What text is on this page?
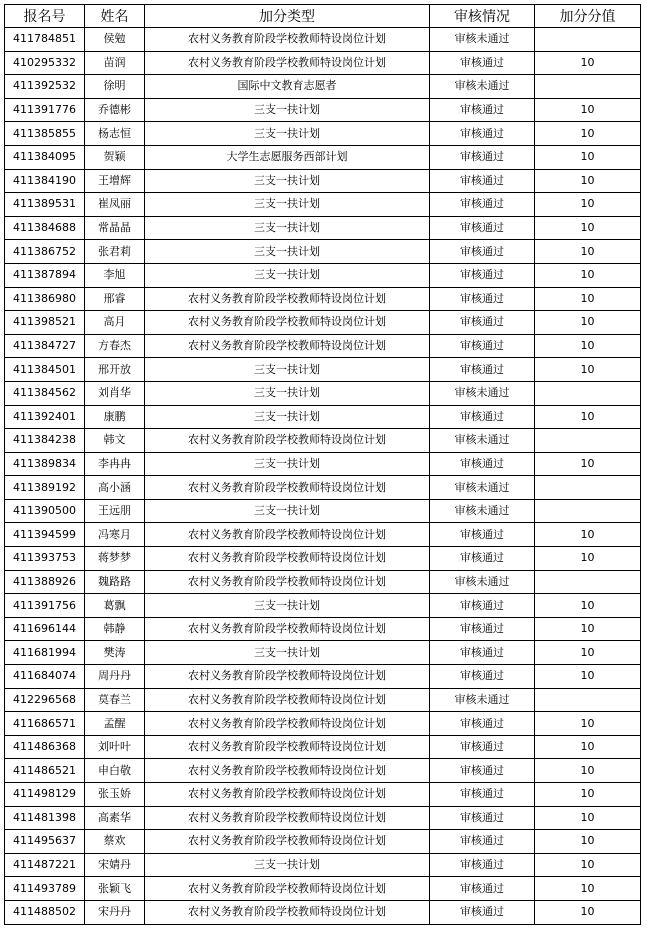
报名号	姓名	加分类型	审核情况	加分分值
411784851	侯勉	农村义务教育阶段学校教师特设岗位计划	审核未通过	
410295332	苗润	农村义务教育阶段学校教师特设岗位计划	审核通过	10
411392532	徐明	国际中文教育志愿者	审核未通过	
411391776	乔德彬	三支一扶计划	审核通过	10
411385855	杨志恒	三支一扶计划	审核通过	10
411384095	贺颖	大学生志愿服务西部计划	审核通过	10
411384190	王增辉	三支一扶计划	审核通过	10
411389531	崔凤丽	三支一扶计划	审核通过	10
411384688	常晶晶	三支一扶计划	审核通过	10
411386752	张君莉	三支一扶计划	审核通过	10
411387894	李旭	三支一扶计划	审核通过	10
411386980	邢睿	农村义务教育阶段学校教师特设岗位计划	审核通过	10
411398521	高月	农村义务教育阶段学校教师特设岗位计划	审核通过	10
411384727	方春杰	农村义务教育阶段学校教师特设岗位计划	审核通过	10
411384501	邢开放	三支一扶计划	审核通过	10
411384562	刘肖华	三支一扶计划	审核未通过	
411392401	康鹏	三支一扶计划	审核通过	10
411384238	韩文	农村义务教育阶段学校教师特设岗位计划	审核未通过	
411389834	李冉冉	三支一扶计划	审核通过	10
411389192	高小涵	农村义务教育阶段学校教师特设岗位计划	审核未通过	
411390500	王远朋	三支一扶计划	审核未通过	
411394599	冯寒月	农村义务教育阶段学校教师特设岗位计划	审核通过	10
411393753	蒋梦梦	农村义务教育阶段学校教师特设岗位计划	审核通过	10
411388926	魏路路	农村义务教育阶段学校教师特设岗位计划	审核未通过	
411391756	葛飘	三支一扶计划	审核通过	10
411696144	韩静	农村义务教育阶段学校教师特设岗位计划	审核通过	10
411681994	樊涛	三支一扶计划	审核通过	10
411684074	周丹丹	农村义务教育阶段学校教师特设岗位计划	审核通过	10
412296568	莫春兰	农村义务教育阶段学校教师特设岗位计划	审核未通过	
411686571	孟醒	农村义务教育阶段学校教师特设岗位计划	审核通过	10
411486368	刘叶叶	农村义务教育阶段学校教师特设岗位计划	审核通过	10
411486521	申白敬	农村义务教育阶段学校教师特设岗位计划	审核通过	10
411498129	张玉娇	农村义务教育阶段学校教师特设岗位计划	审核通过	10
411481398	高素华	农村义务教育阶段学校教师特设岗位计划	审核通过	10
411495637	蔡欢	农村义务教育阶段学校教师特设岗位计划	审核通过	10
411487221	宋婧丹	三支一扶计划	审核通过	10
411493789	张颖飞	农村义务教育阶段学校教师特设岗位计划	审核通过	10
411488502	宋丹丹	农村义务教育阶段学校教师特设岗位计划	审核通过	10
